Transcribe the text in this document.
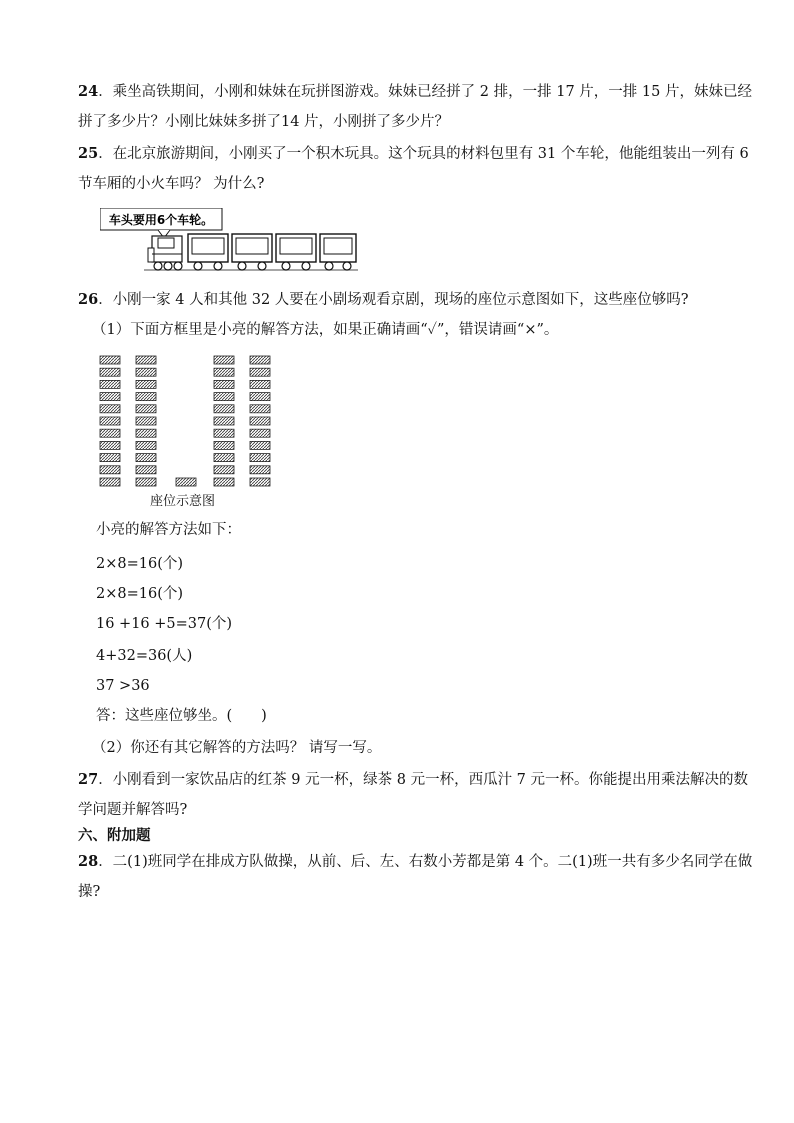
24．乘坐高铁期间，小刚和妹妹在玩拼图游戏。妹妹已经拼了 2 排，一排 17 片，一排 15 片，妹妹已经
拼了多少片？小刚比妹妹多拼了14 片，小刚拼了多少片？
25．在北京旅游期间，小刚买了一个积木玩具。这个玩具的材料包里有 31 个车轮，他能组装出一列有 6
节车厢的小火车吗？ 为什么?
车头要用6个车轮。
26．小刚一家 4 人和其他 32 人要在小剧场观看京剧，现场的座位示意图如下，这些座位够吗?
（1）下面方框里是小亮的解答方法，如果正确请画“✓”，错误请画“×”。
座位示意图
小亮的解答方法如下：
2×8=16(个)
2×8=16(个)
16 +16 +5=37(个)
4+32=36(人)
37 >36
答：这些座位够坐。(　　)
（2）你还有其它解答的方法吗？ 请写一写。
27．小刚看到一家饮品店的红茶 9 元一杯，绿茶 8 元一杯，西瓜汁 7 元一杯。你能提出用乘法解决的数
学问题并解答吗?
六、附加题
28．二(1)班同学在排成方队做操，从前、后、左、右数小芳都是第 4 个。二(1)班一共有多少名同学在做
操?
